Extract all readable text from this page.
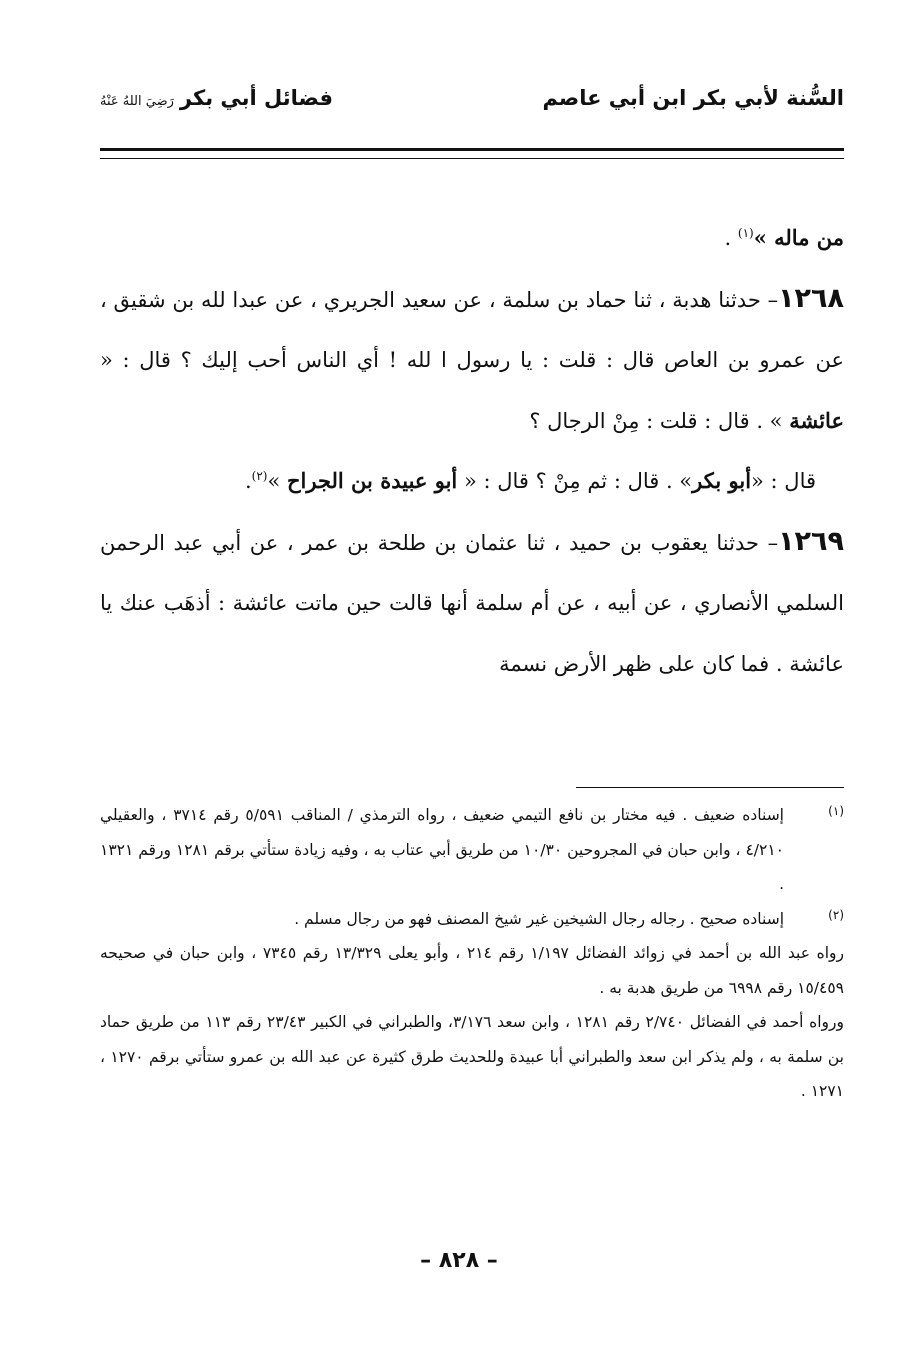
السُّنة لأبي بكر ابن أبي عاصم
فضائل أبي بكررَضِيَ اللهُ عَنْهُ

من ماله »$^{(١)}$ .

١٢٦٨– حدثنا هدبة ، ثنا حماد بن سلمة ، عن سعيد الجريري ، عن عبدا لله بن شقيق ، عن عمرو بن العاص قال : قلت : يا رسول ا لله ! أي الناس أحب إليك ؟ قال : « عائشة » . قال : قلت : مِنْ الرجال ؟

قال : «أبو بكر» . قال : ثم مِنْ ؟ قال : « أبو عبيدة بن الجراح »$^{(٢)}$.

١٢٦٩– حدثنا يعقوب بن حميد ، ثنا عثمان بن طلحة بن عمر ، عن أبي عبد الرحمن السلمي الأنصاري ، عن أبيه ، عن أم سلمة أنها قالت حين ماتت عائشة : أذهَب عنك يا عائشة . فما كان على ظهر الأرض نسمة

(١)

إسناده ضعيف . فيه مختار بن نافع التيمي ضعيف ، رواه الترمذي / المناقب ٥/٥٩١ رقم ٣٧١٤ ، والعقيلي ٤/٢١٠ ، وابن حبان في المجروحين ١٠/٣٠ من طريق أبي عتاب به ، وفيه زيادة ستأتي برقم ١٢٨١ ورقم ١٣٢١ .

(٢)

إسناده صحيح . رجاله رجال الشيخين غير شيخ المصنف فهو من رجال مسلم .

رواه عبد الله بن أحمد في زوائد الفضائل ١/١٩٧ رقم ٢١٤ ، وأبو يعلى ١٣/٣٢٩ رقم ٧٣٤٥ ، وابن حبان في صحيحه ١٥/٤٥٩ رقم ٦٩٩٨ من طريق هدبة به .

ورواه أحمد في الفضائل ٢/٧٤٠ رقم ١٢٨١ ، وابن سعد ٣/١٧٦، والطبراني في الكبير ٢٣/٤٣ رقم ١١٣ من طريق حماد بن سلمة به ، ولم يذكر ابن سعد والطبراني أبا عبيدة وللحديث طرق كثيرة عن عبد الله بن عمرو ستأتي برقم ١٢٧٠ ، ١٢٧١ .

– ٨٢٨ –
